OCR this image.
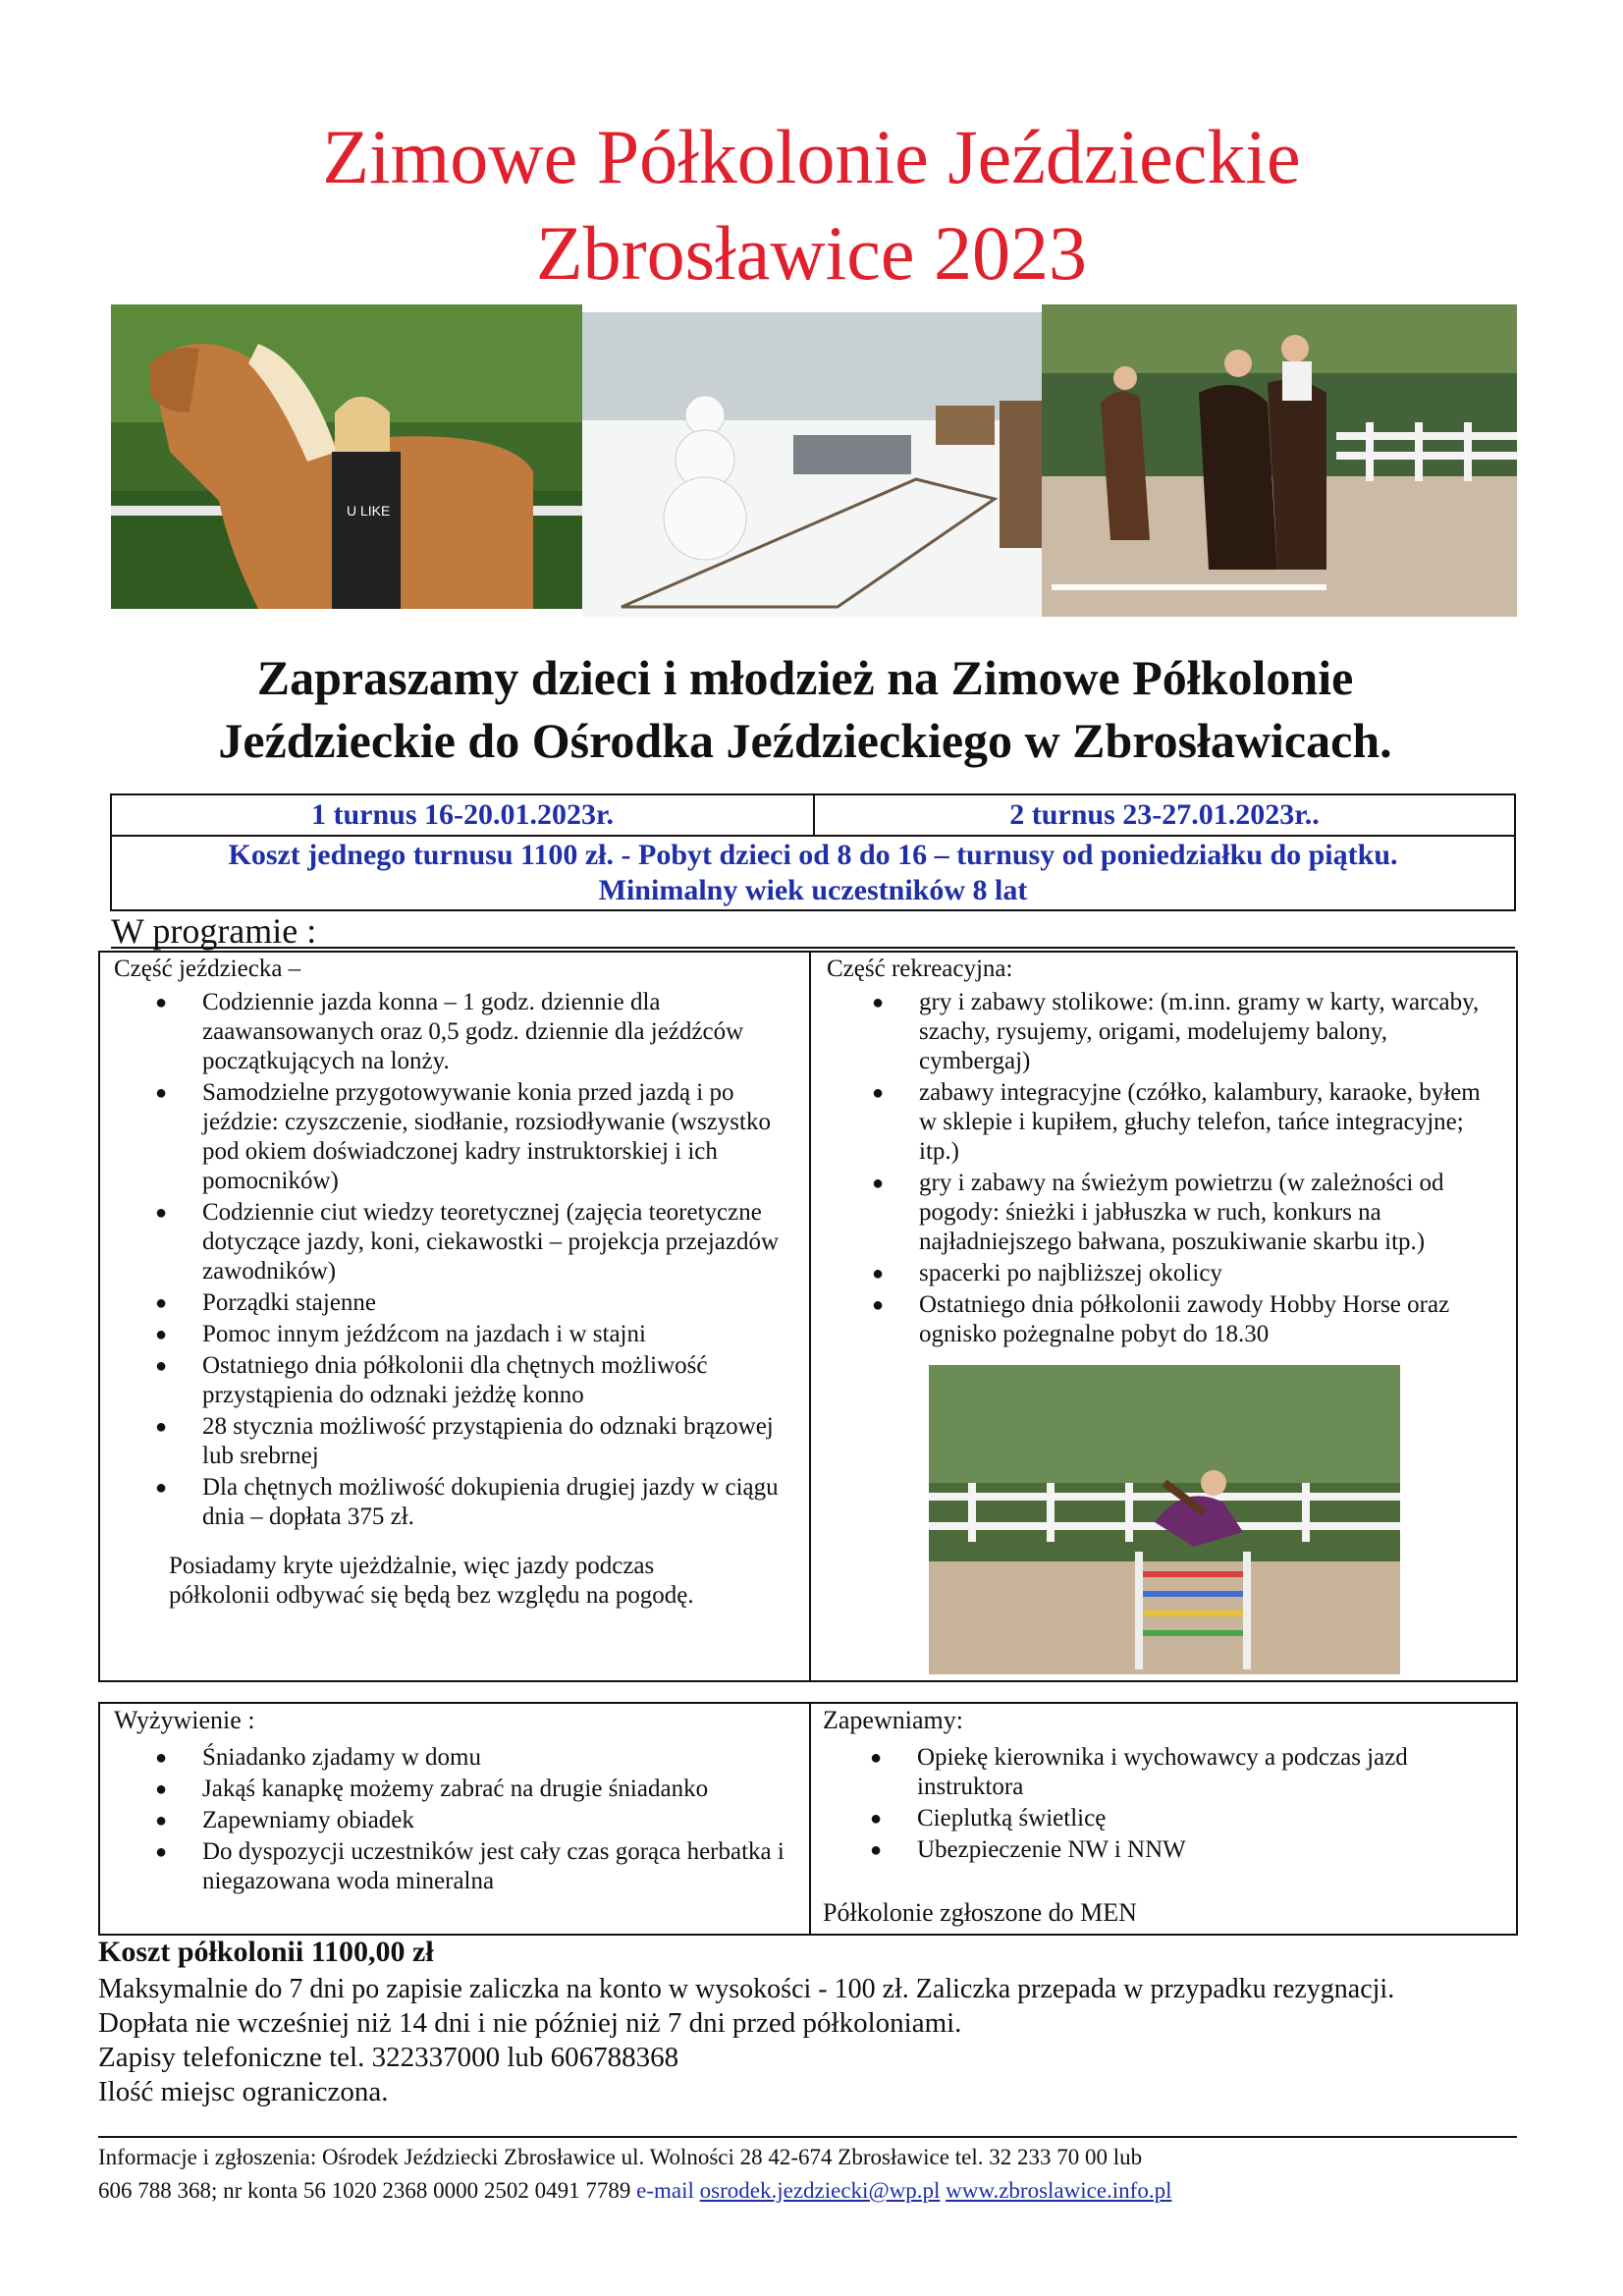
Zimowe Półkolonie Jeździeckie
Zbrosławice 2023
U LIKE
Zapraszamy dzieci i młodzież na Zimowe Półkolonie
Jeździeckie do Ośrodka Jeździeckiego w Zbrosławicach.
1 turnus 16-20.01.2023r.	2 turnus 23-27.01.2023r..
Koszt jednego turnusu 1100 zł. - Pobyt dzieci od 8 do 16 – turnusy od poniedziałku do piątku.
Minimalny wiek uczestników 8 lat
W programie :
Część jeździecka –
● Codziennie jazda konna – 1 godz. dziennie dla zaawansowanych oraz 0,5 godz. dziennie dla jeźdźców początkujących na lonży.
● Samodzielne przygotowywanie konia przed jazdą i po jeździe: czyszczenie, siodłanie, rozsiodływanie (wszystko pod okiem doświadczonej kadry instruktorskiej i ich pomocników)
● Codziennie ciut wiedzy teoretycznej (zajęcia teoretyczne dotyczące jazdy, koni, ciekawostki – projekcja przejazdów zawodników)
● Porządki stajenne
● Pomoc innym jeźdźcom na jazdach i w stajni
● Ostatniego dnia półkolonii dla chętnych możliwość przystąpienia do odznaki jeżdżę konno
● 28 stycznia możliwość przystąpienia do odznaki brązowej lub srebrnej
● Dla chętnych możliwość dokupienia drugiej jazdy w ciągu dnia – dopłata 375 zł.
Posiadamy kryte ujeżdżalnie, więc jazdy podczas półkolonii odbywać się będą bez względu na pogodę.
Część rekreacyjna:
● gry i zabawy stolikowe: (m.inn. gramy w karty, warcaby, szachy, rysujemy, origami, modelujemy balony, cymbergaj)
● zabawy integracyjne (czółko, kalambury, karaoke, byłem w sklepie i kupiłem, głuchy telefon, tańce integracyjne; itp.)
● gry i zabawy na świeżym powietrzu (w zależności od pogody: śnieżki i jabłuszka w ruch, konkurs na najładniejszego bałwana, poszukiwanie skarbu itp.)
● spacerki po najbliższej okolicy
● Ostatniego dnia półkolonii zawody Hobby Horse oraz ognisko pożegnalne pobyt do 18.30
Wyżywienie :
● Śniadanko zjadamy w domu
● Jakąś kanapkę możemy zabrać na drugie śniadanko
● Zapewniamy obiadek
● Do dyspozycji uczestników jest cały czas gorąca herbatka i niegazowana woda mineralna
Zapewniamy:
● Opiekę kierownika i wychowawcy a podczas jazd instruktora
● Cieplutką świetlicę
● Ubezpieczenie NW i NNW
Półkolonie zgłoszone do MEN
Koszt półkolonii 1100,00 zł
Maksymalnie do 7 dni po zapisie zaliczka na konto w wysokości - 100 zł. Zaliczka przepada w przypadku rezygnacji.
Dopłata nie wcześniej niż 14 dni i nie później niż 7 dni przed półkoloniami.
Zapisy telefoniczne tel. 322337000 lub 606788368
Ilość miejsc ograniczona.
Informacje i zgłoszenia: Ośrodek Jeździecki Zbrosławice ul. Wolności 28 42-674 Zbrosławice tel. 32 233 70 00 lub
606 788 368; nr konta 56 1020 2368 0000 2502 0491 7789 e-mail osrodek.jezdziecki@wp.pl www.zbroslawice.info.pl
